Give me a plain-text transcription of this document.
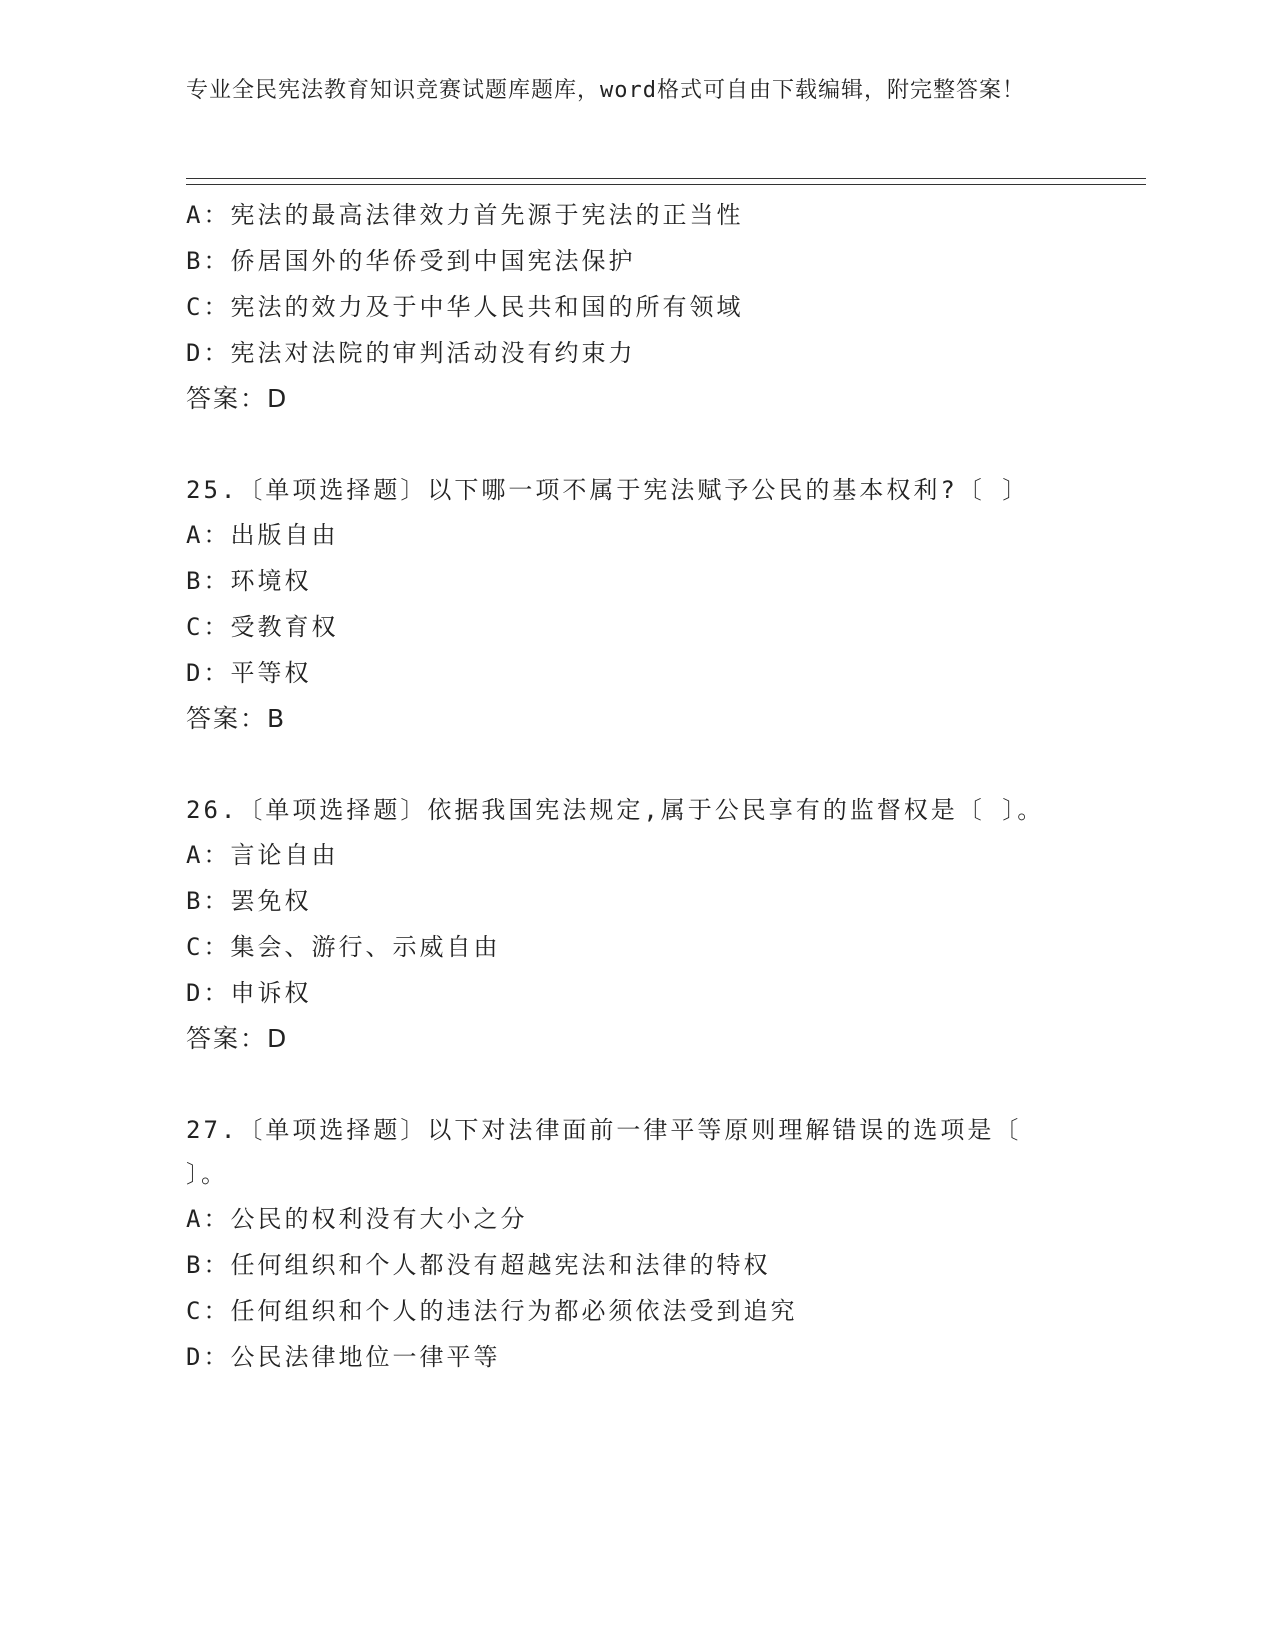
专业全民宪法教育知识竞赛试题库题库，word格式可自由下载编辑，附完整答案！
A：宪法的最高法律效力首先源于宪法的正当性
B：侨居国外的华侨受到中国宪法保护
C：宪法的效力及于中华人民共和国的所有领域
D：宪法对法院的审判活动没有约束力
答案：D
25.〔单项选择题〕以下哪一项不属于宪法赋予公民的基本权利?〔 〕
A：出版自由
B：环境权
C：受教育权
D：平等权
答案：B
26.〔单项选择题〕依据我国宪法规定,属于公民享有的监督权是〔 〕。
A：言论自由
B：罢免权
C：集会、游行、示威自由
D：申诉权
答案：D
27.〔单项选择题〕以下对法律面前一律平等原则理解错误的选项是〔 〕。
A：公民的权利没有大小之分
B：任何组织和个人都没有超越宪法和法律的特权
C：任何组织和个人的违法行为都必须依法受到追究
D：公民法律地位一律平等
